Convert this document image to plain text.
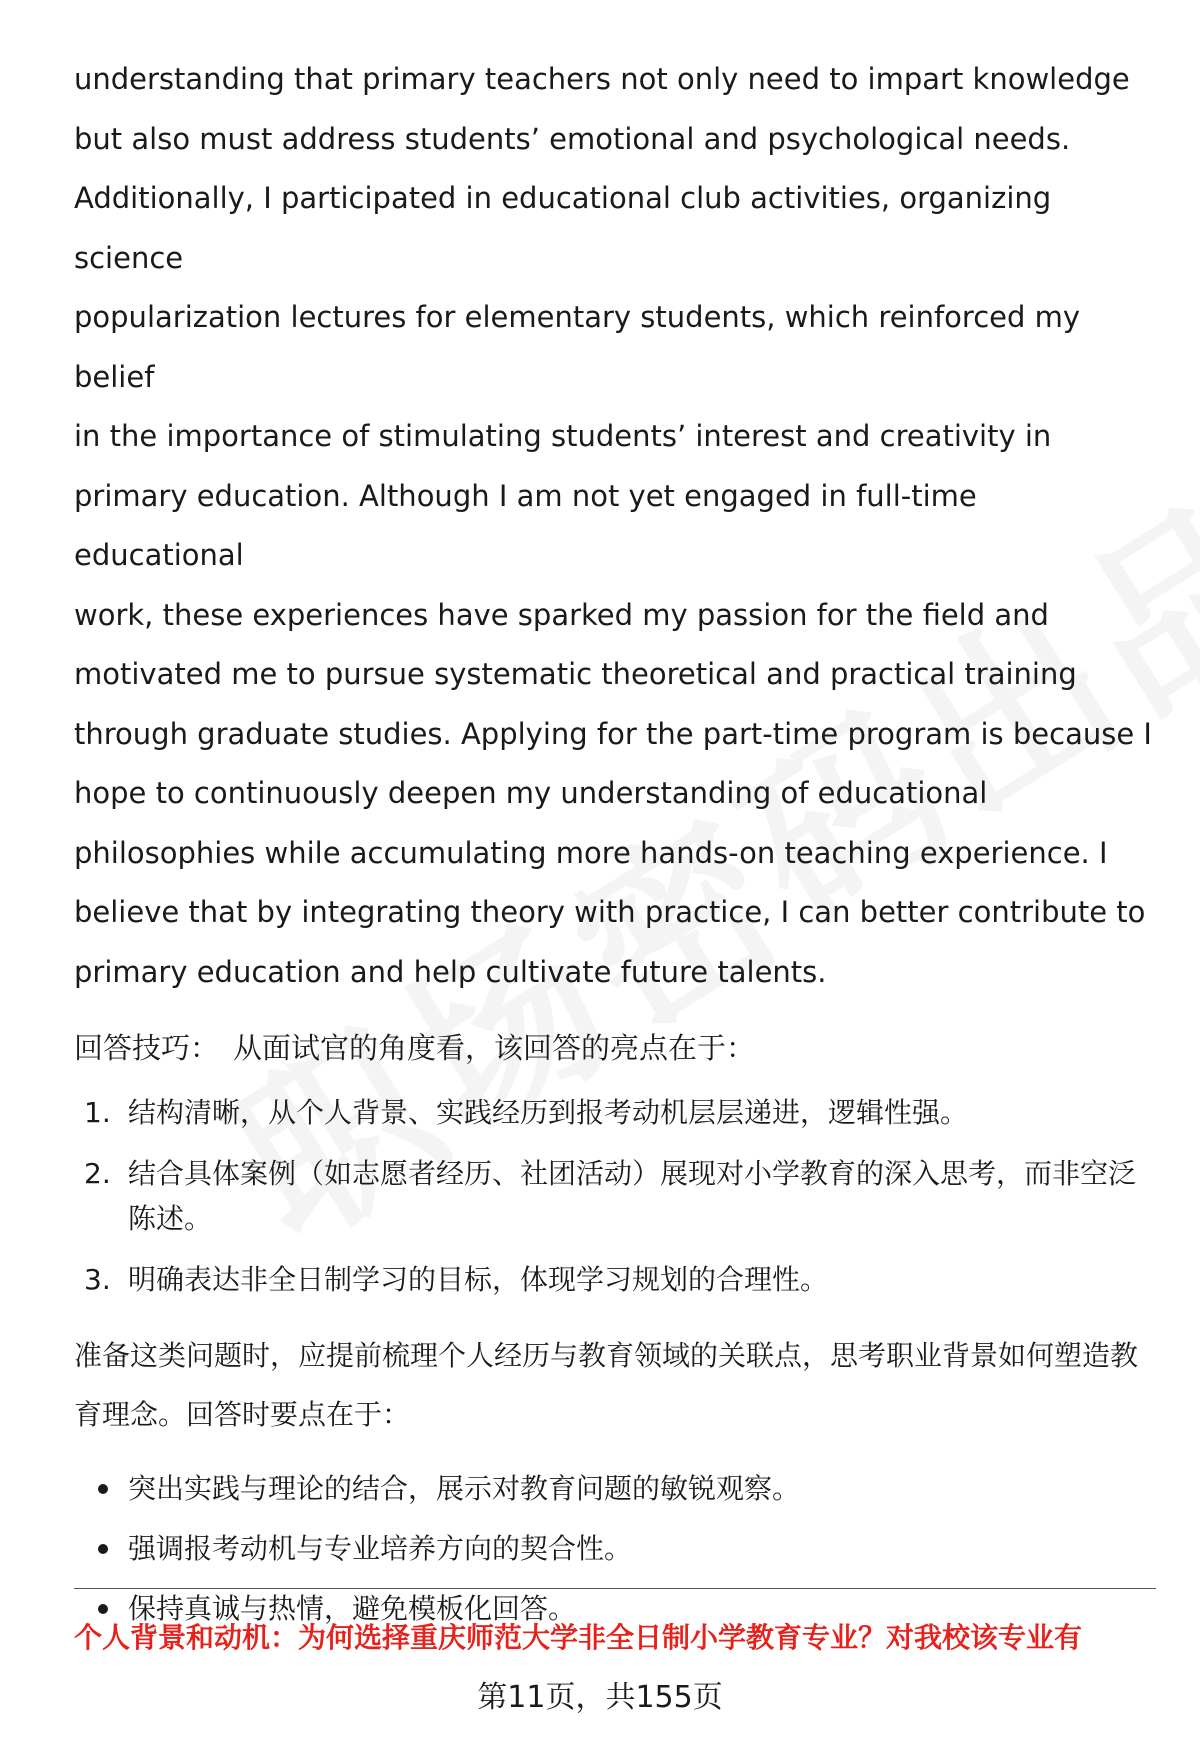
understanding that primary teachers not only need to impart knowledge
but also must address students’ emotional and psychological needs.
Additionally, I participated in educational club activities, organizing science
popularization lectures for elementary students, which reinforced my belief
in the importance of stimulating students’ interest and creativity in
primary education. Although I am not yet engaged in full-time educational
work, these experiences have sparked my passion for the field and
motivated me to pursue systematic theoretical and practical training
through graduate studies. Applying for the part-time program is because I
hope to continuously deepen my understanding of educational
philosophies while accumulating more hands-on teaching experience. I
believe that by integrating theory with practice, I can better contribute to
primary education and help cultivate future talents.

回答技巧： 从面试官的角度看，该回答的亮点在于：

1. 结构清晰，从个人背景、实践经历到报考动机层层递进，逻辑性强。
2. 结合具体案例（如志愿者经历、社团活动）展现对小学教育的深入思考，而非空泛陈述。
3. 明确表达非全日制学习的目标，体现学习规划的合理性。

准备这类问题时，应提前梳理个人经历与教育领域的关联点，思考职业背景如何塑造教育理念。回答时要点在于：

突出实践与理论的结合，展示对教育问题的敏锐观察。
强调报考动机与专业培养方向的契合性。
保持真诚与热情，避免模板化回答。
个人背景和动机：为何选择重庆师范大学非全日制小学教育专业？对我校该专业有
第11页，共155页
